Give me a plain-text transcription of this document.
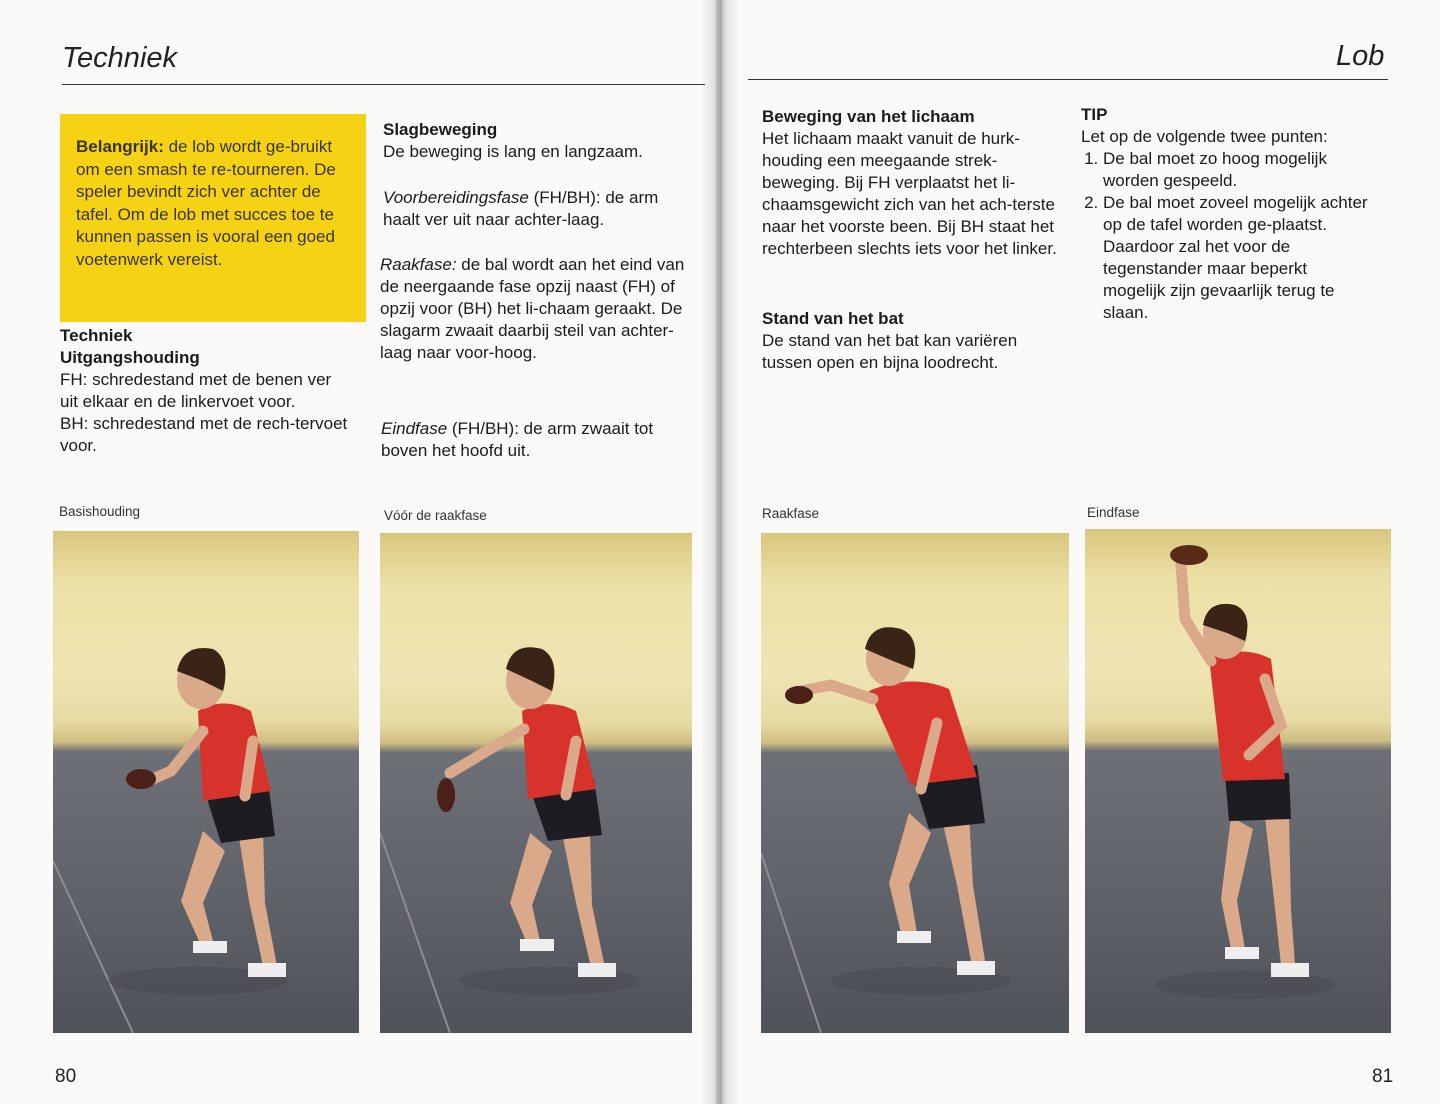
Techniek
Belangrijk: de lob wordt ge-bruikt om een smash te re-tourneren. De speler bevindt zich ver achter de tafel. Om de lob met succes toe te kunnen passen is vooral een goed voetenwerk vereist.

Techniek

Uitgangshouding

FH: schredestand met de benen ver uit elkaar en de linkervoet voor.

BH: schredestand met de rech-tervoet voor.

Slagbeweging

De beweging is lang en langzaam.

Voorbereidingsfase (FH/BH): de arm haalt ver uit naar achter-laag.

Raakfase: de bal wordt aan het eind van de neergaande fase opzij naast (FH) of opzij voor (BH) het li-chaam geraakt. De slagarm zwaait daarbij steil van achter-laag naar voor-hoog.

Eindfase (FH/BH): de arm zwaait tot boven het hoofd uit.

Basishouding	Vóór de raakfase
80
Lob

Beweging van het lichaam

Het lichaam maakt vanuit de hurk-houding een meegaande strek-beweging. Bij FH verplaatst het li-chaamsgewicht zich van het ach-terste naar het voorste been. Bij BH staat het rechterbeen slechts iets voor het linker.

Stand van het bat

De stand van het bat kan variëren tussen open en bijna loodrecht.

TIP

Let op de volgende twee punten:

1. De bal moet zo hoog mogelijk worden gespeeld.
2. De bal moet zoveel mogelijk achter op de tafel worden ge-plaatst. Daardoor zal het voor de tegenstander maar beperkt mogelijk zijn gevaarlijk terug te slaan.
Raakfase	Eindfase
81
